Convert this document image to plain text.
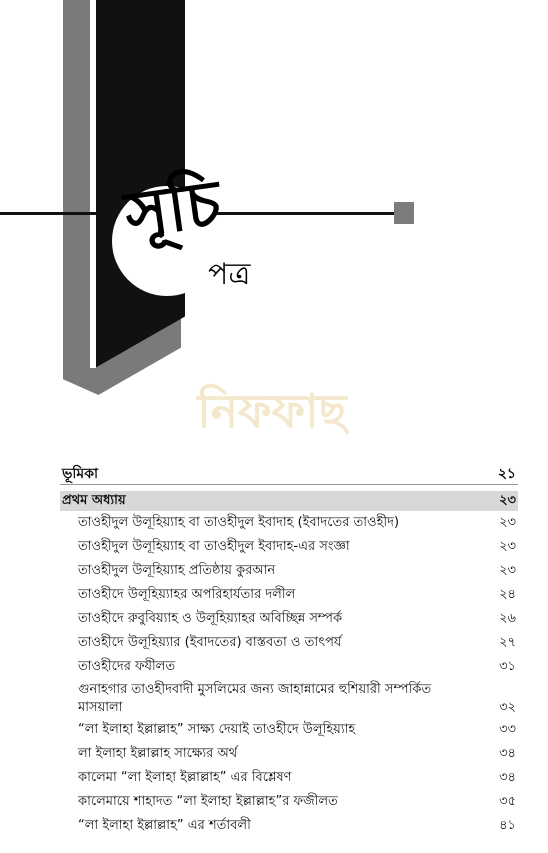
সূচি
পত্র
নিফফাছ
ভূমিকা	২১
প্রথম অধ্যায়	২৩
তাওহীদুল উলূহিয়্যাহ বা তাওহীদুল ইবাদাহ (ইবাদতের তাওহীদ)	২৩
তাওহীদুল উলূহিয়্যাহ বা তাওহীদুল ইবাদাহ-এর সংজ্ঞা	২৩
তাওহীদুল উলূহিয়্যাহ প্রতিষ্ঠায় কুরআন	২৩
তাওহীদে উলূহিয়্যাহর অপরিহার্যতার দলীল	২৪
তাওহীদে রুবুবিয়্যাহ ও উলূহিয়্যাহর অবিচ্ছিন্ন সম্পর্ক	২৬
তাওহীদে উলূহিয়্যার (ইবাদতের) বাস্তবতা ও তাৎপর্য	২৭
তাওহীদের ফযীলত	৩১
গুনাহগার তাওহীদবাদী মুসলিমের জন্য জাহান্নামের হুশিয়ারী সম্পর্কিত মাসয়ালা	৩২
“লা ইলাহা ইল্লাল্লাহ” সাক্ষ্য দেয়াই তাওহীদে উলূহিয়্যাহ	৩৩
লা ইলাহা ইল্লাল্লাহ সাক্ষ্যের অর্থ	৩৪
কালেমা “লা ইলাহা ইল্লাল্লাহ” এর বিশ্লেষণ	৩৪
কালেমায়ে শাহাদত “লা ইলাহা ইল্লাল্লাহ”র ফজীলত	৩৫
“লা ইলাহা ইল্লাল্লাহ” এর শর্তাবলী	৪১
